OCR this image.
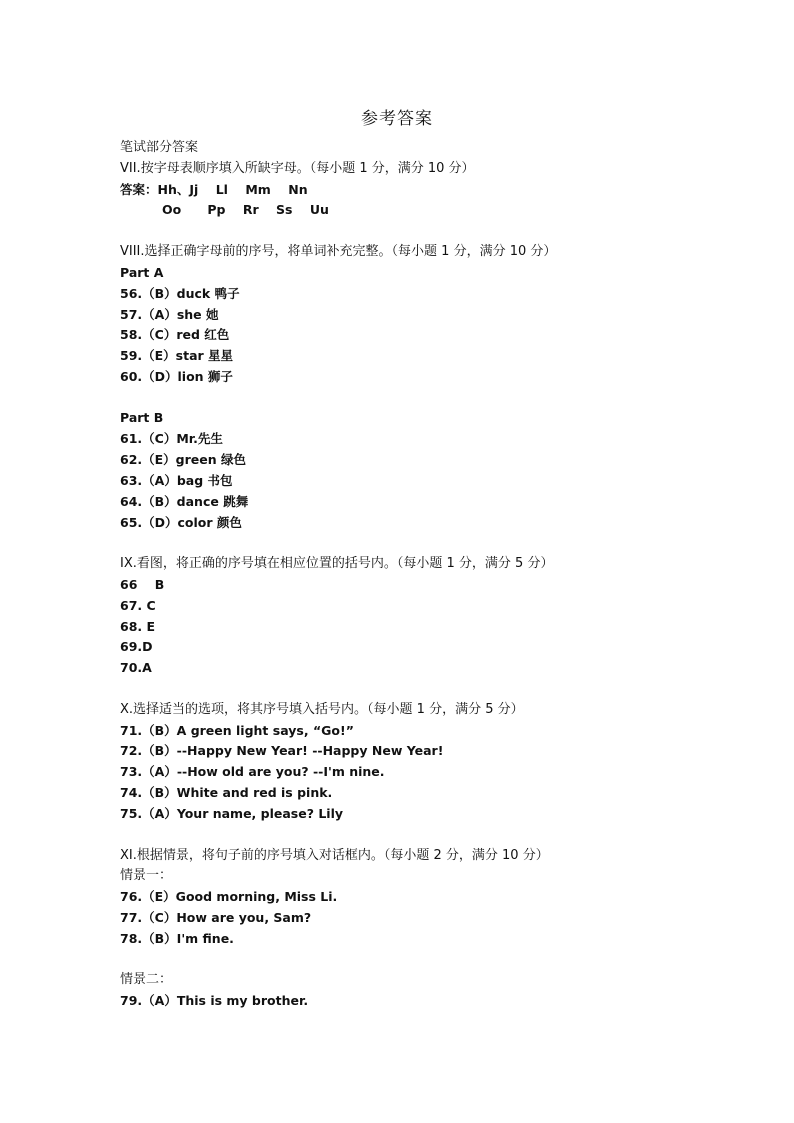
参考答案
笔试部分答案
VII.按字母表顺序填入所缺字母。（每小题 1 分，满分 10 分）
答案：Hh、Jj    Ll    Mm    Nn
Oo      Pp    Rr    Ss    Uu
VIII.选择正确字母前的序号，将单词补充完整。（每小题 1 分，满分 10 分）
Part A
56.（B）duck 鸭子
57.（A）she 她
58.（C）red 红色
59.（E）star 星星
60.（D）lion 狮子
Part B
61.（C）Mr.先生
62.（E）green 绿色
63.（A）bag 书包
64.（B）dance 跳舞
65.（D）color 颜色
IX.看图，将正确的序号填在相应位置的括号内。（每小题 1 分，满分 5 分）
66    B
67. C
68. E
69.D
70.A
X.选择适当的选项，将其序号填入括号内。（每小题 1 分，满分 5 分）
71.（B）A green light says, “Go!”
72.（B）--Happy New Year! --Happy New Year!
73.（A）--How old are you? --I'm nine.
74.（B）White and red is pink.
75.（A）Your name, please? Lily
XI.根据情景，将句子前的序号填入对话框内。（每小题 2 分，满分 10 分）
情景一：
76.（E）Good morning, Miss Li.
77.（C）How are you, Sam?
78.（B）I'm fine.
情景二：
79.（A）This is my brother.
